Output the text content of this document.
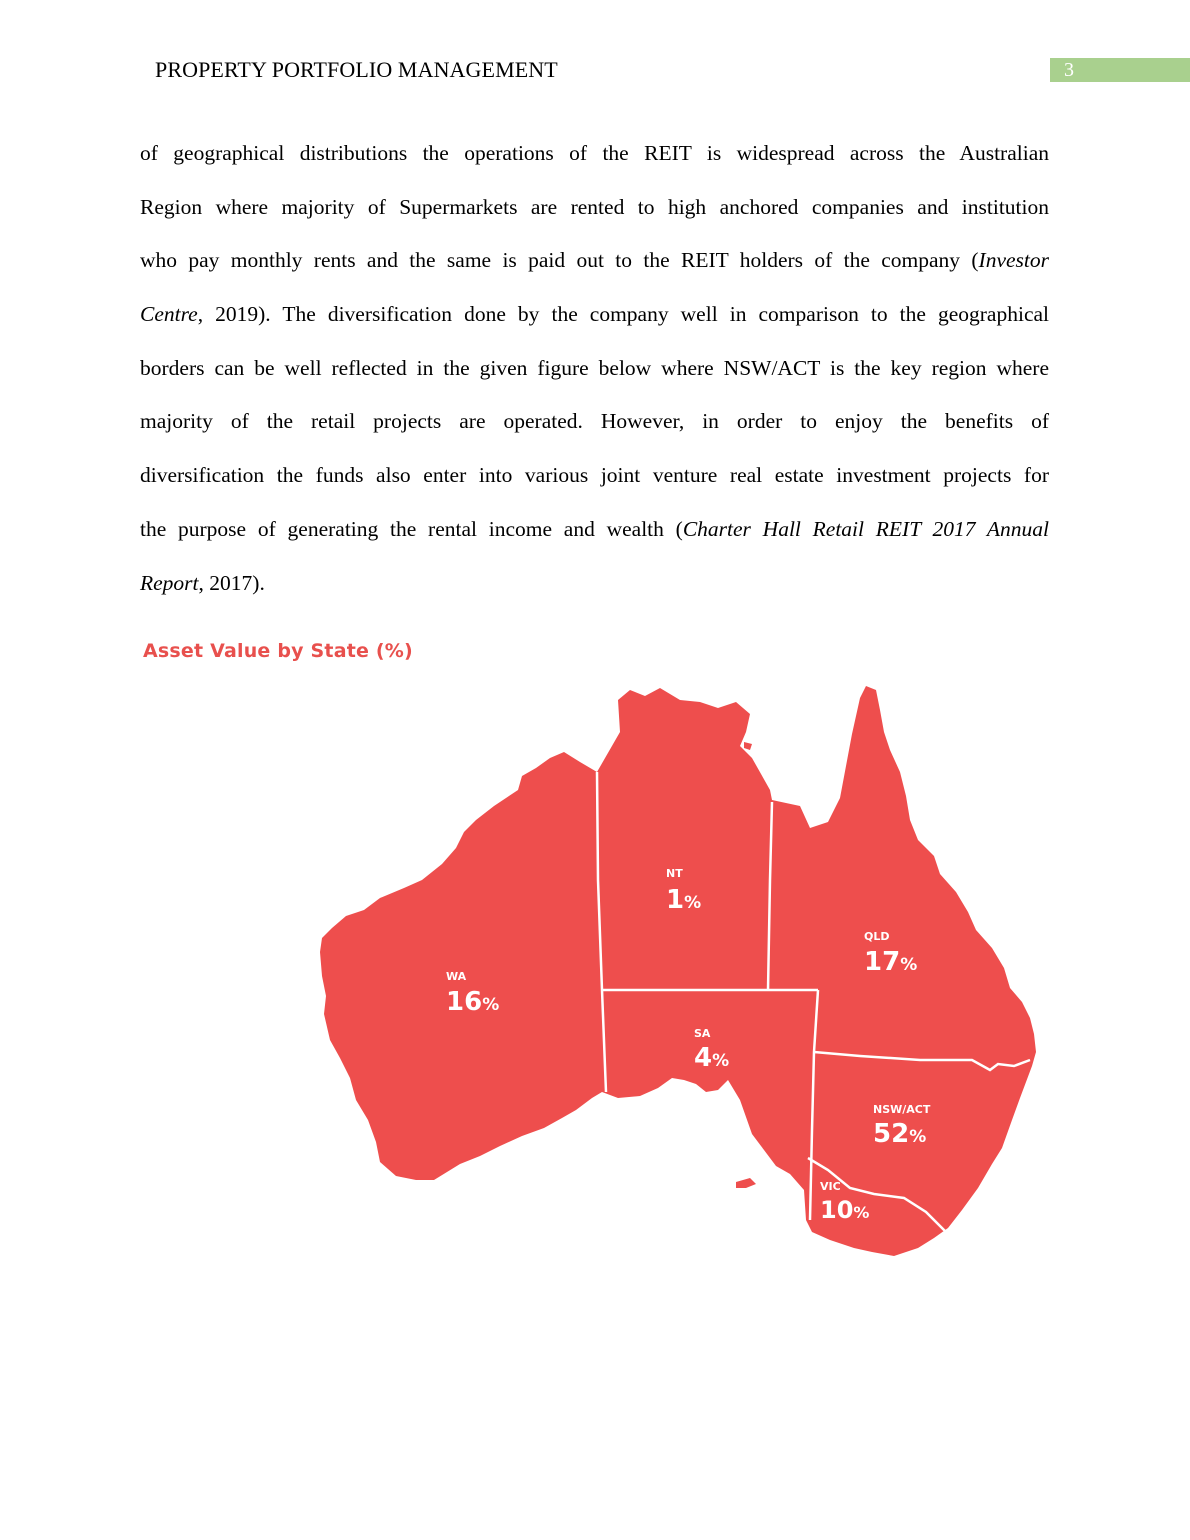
PROPERTY PORTFOLIO MANAGEMENT	3
of geographical distributions the operations of the REIT is widespread across the Australian
Region where majority of Supermarkets are rented to high anchored companies and institution
who pay monthly rents and the same is paid out to the REIT holders of the company (Investor
Centre, 2019). The diversification done by the company well in comparison to the geographical
borders can be well reflected in the given figure below where NSW/ACT is the key region where
majority of the retail projects are operated. However, in order to enjoy the benefits of
diversification the funds also enter into various joint venture real estate investment projects for
the purpose of generating the rental income and wealth (Charter Hall Retail REIT 2017 Annual
Report, 2017).
Asset Value by State (%)
WA
16%
NT
1%
SA
4%
QLD
17%
NSW/ACT
52%
VIC
10%
